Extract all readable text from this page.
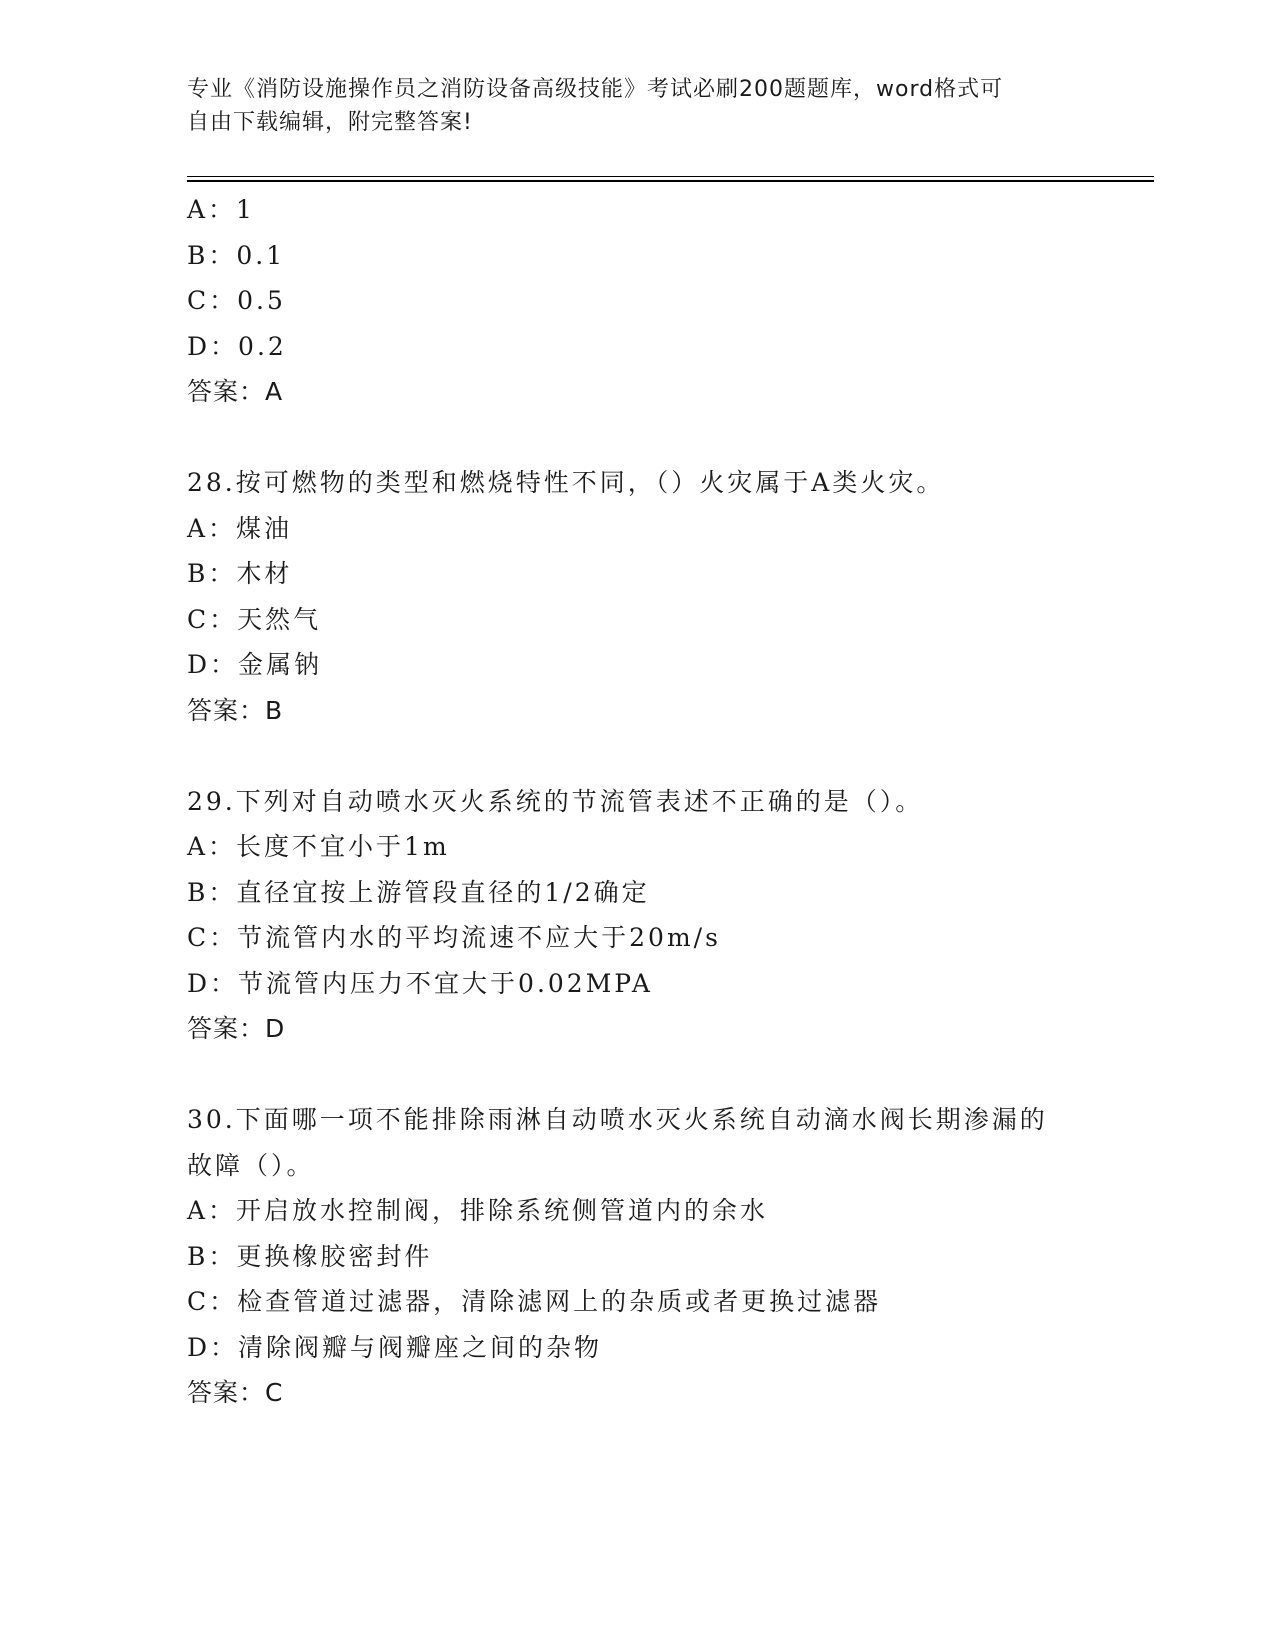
专业《消防设施操作员之消防设备高级技能》考试必刷200题题库，word格式可
自由下载编辑，附完整答案!
A：1
B：0.1
C：0.5
D：0.2
答案：A
28.按可燃物的类型和燃烧特性不同，（）火灾属于A类火灾。
A：煤油
B：木材
C：天然气
D：金属钠
答案：B
29.下列对自动喷水灭火系统的节流管表述不正确的是（）。
A：长度不宜小于1m
B：直径宜按上游管段直径的1/2确定
C：节流管内水的平均流速不应大于20m/s
D：节流管内压力不宜大于0.02MPA
答案：D
30.下面哪一项不能排除雨淋自动喷水灭火系统自动滴水阀长期渗漏的
故障（）。
A：开启放水控制阀，排除系统侧管道内的余水
B：更换橡胶密封件
C：检查管道过滤器，清除滤网上的杂质或者更换过滤器
D：清除阀瓣与阀瓣座之间的杂物
答案：C
